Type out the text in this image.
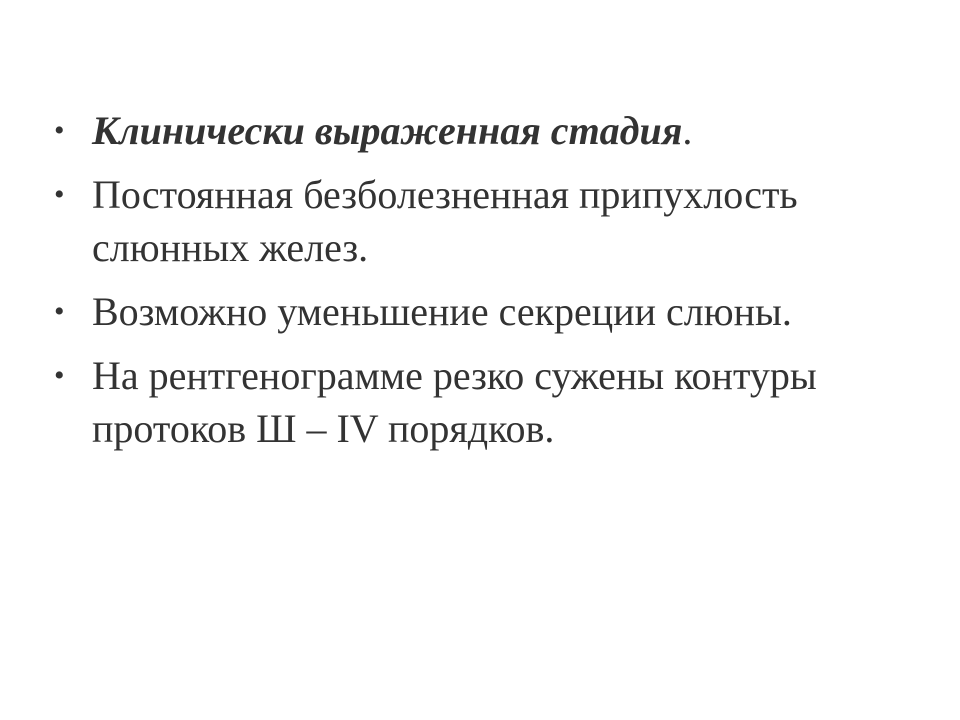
• Клинически выраженная стадия.
• Постоянная безболезненная припухлость слюнных желез.
• Возможно уменьшение секреции слюны.
• На рентгенограмме резко сужены контуры протоков Ш – IV порядков.
